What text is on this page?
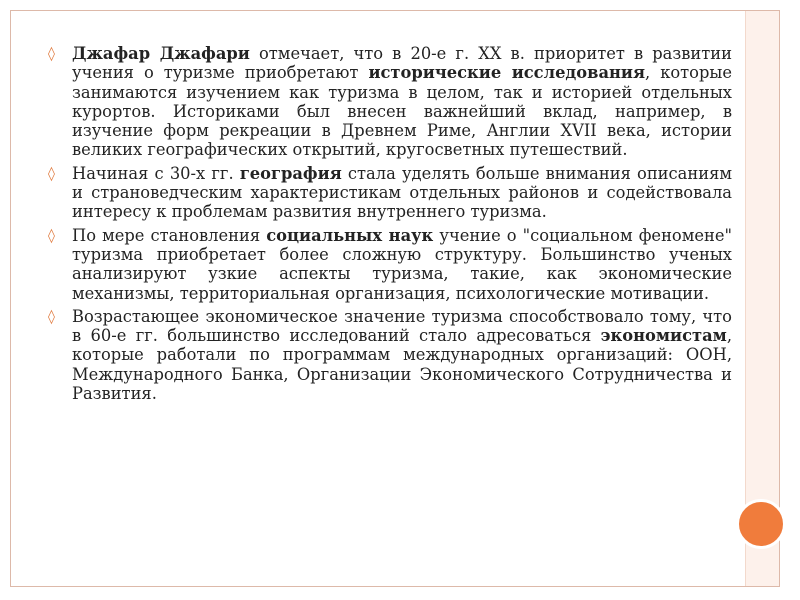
◊ Джафар Джафари отмечает, что в 20-е г. XX в. приоритет в развитии учения о туризме приобретают исторические исследования, которые занимаются изучением как туризма в целом, так и историей отдельных курортов. Историками был внесен важнейший вклад, например, в изучение форм рекреации в Древнем Риме, Англии XVII века, истории великих географических открытий, кругосветных путешествий.
◊ Начиная с 30-х гг. география стала уделять больше внимания описаниям и страноведческим характеристикам отдельных районов и содействовала интересу к проблемам развития внутреннего туризма.
◊ По мере становления социальных наук учение о "социальном феномене" туризма приобретает более сложную структуру. Большинство ученых анализируют узкие аспекты туризма, такие, как экономические механизмы, территориальная организация, психологические мотивации.
◊ Возрастающее экономическое значение туризма способствовало тому, что в 60-е гг. большинство исследований стало адресоваться экономистам, которые работали по программам международных организаций: ООН, Международного Банка, Организации Экономического Сотрудничества и Развития.
